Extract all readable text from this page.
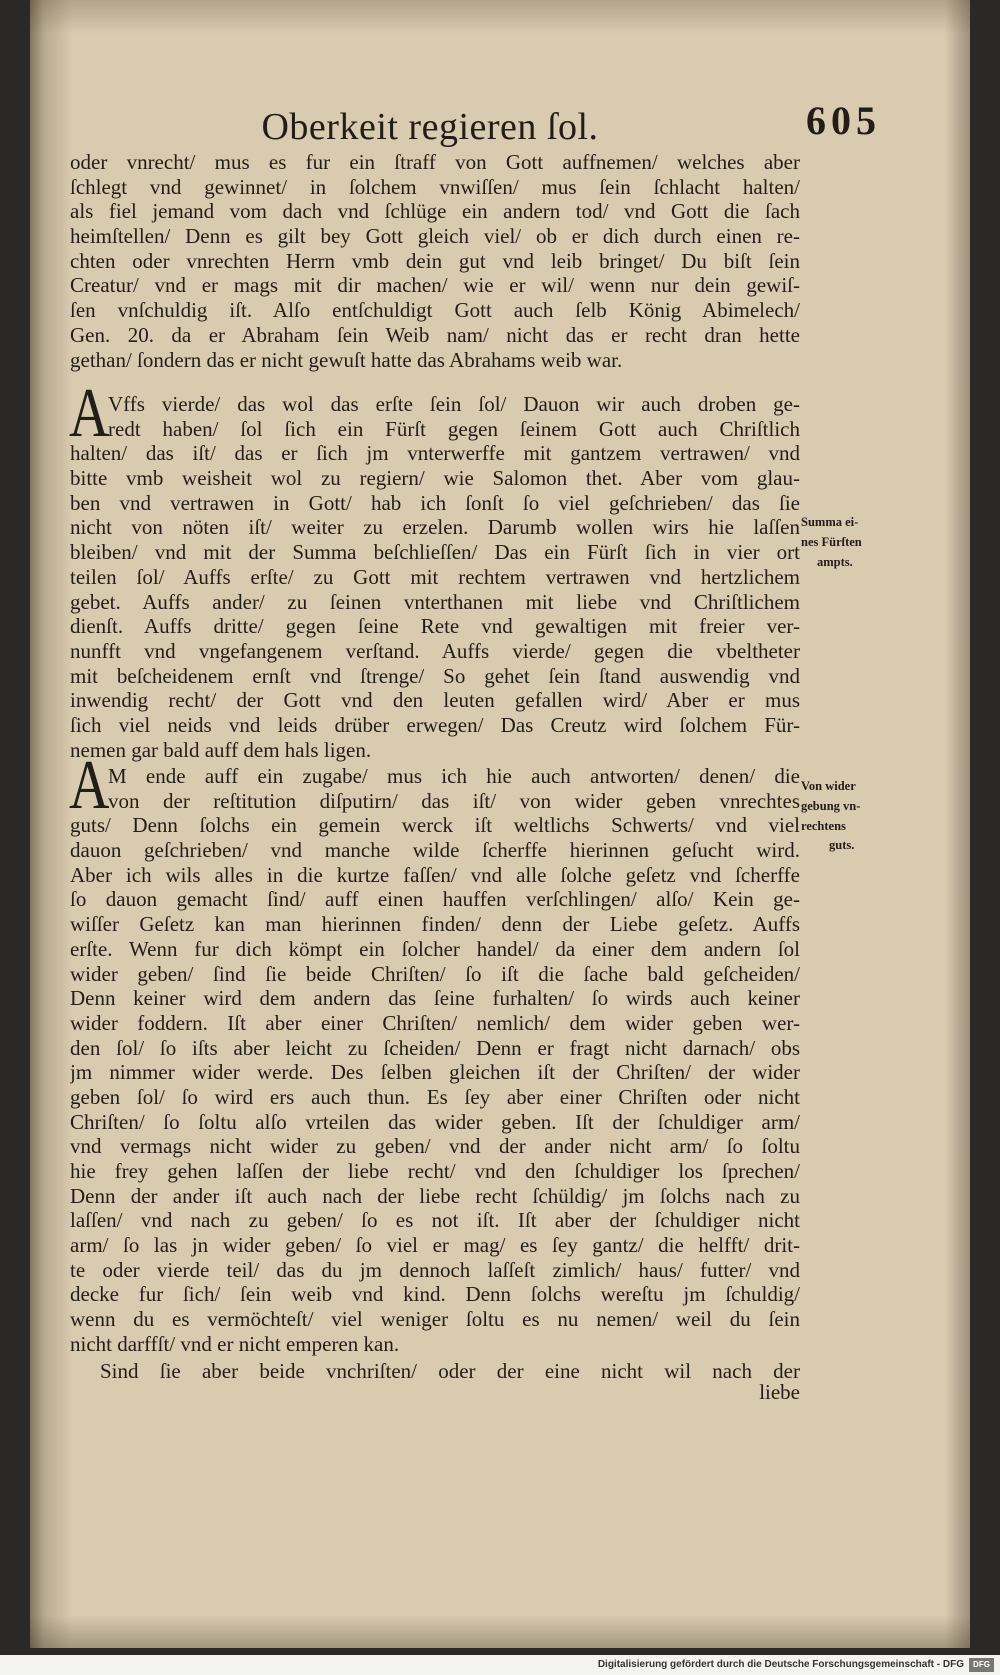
Oberkeit regieren ſol.	605
oder vnrecht/ mus es fur ein ſtraff von Gott auffnemen/ welches aber
ſchlegt vnd gewinnet/ in ſolchem vnwiſſen/ mus ſein ſchlacht halten/
als fiel jemand vom dach vnd ſchlüge ein andern tod/ vnd Gott die ſach
heimſtellen/ Denn es gilt bey Gott gleich viel/ ob er dich durch einen re-
chten oder vnrechten Herrn vmb dein gut vnd leib bringet/ Du biſt ſein
Creatur/ vnd er mags mit dir machen/ wie er wil/ wenn nur dein gewiſ-
ſen vnſchuldig iſt. Alſo entſchuldigt Gott auch ſelb König Abimelech/
Gen. 20. da er Abraham ſein Weib nam/ nicht das er recht dran hette
gethan/ ſondern das er nicht gewuſt hatte das Abrahams weib war.
A
Vffs vierde/ das wol das erſte ſein ſol/ Dauon wir auch droben ge-
redt haben/ ſol ſich ein Fürſt gegen ſeinem Gott auch Chriſtlich
halten/ das iſt/ das er ſich jm vnterwerffe mit gantzem vertrawen/ vnd
bitte vmb weisheit wol zu regiern/ wie Salomon thet. Aber vom glau-
ben vnd vertrawen in Gott/ hab ich ſonſt ſo viel geſchrieben/ das ſie
nicht von nöten iſt/ weiter zu erzelen. Darumb wollen wirs hie laſſen
bleiben/ vnd mit der Summa beſchlieſſen/ Das ein Fürſt ſich in vier ort
teilen ſol/ Auffs erſte/ zu Gott mit rechtem vertrawen vnd hertzlichem
gebet. Auffs ander/ zu ſeinen vnterthanen mit liebe vnd Chriſtlichem
dienſt. Auffs dritte/ gegen ſeine Rete vnd gewaltigen mit freier ver-
nunfft vnd vngefangenem verſtand. Auffs vierde/ gegen die vbeltheter
mit beſcheidenem ernſt vnd ſtrenge/ So gehet ſein ſtand auswendig vnd
inwendig recht/ der Gott vnd den leuten gefallen wird/ Aber er mus
ſich viel neids vnd leids drüber erwegen/ Das Creutz wird ſolchem Für-
nemen gar bald auff dem hals ligen.
A
M ende auff ein zugabe/ mus ich hie auch antworten/ denen/ die
von der reſtitution diſputirn/ das iſt/ von wider geben vnrechtes
guts/ Denn ſolchs ein gemein werck iſt weltlichs Schwerts/ vnd viel
dauon geſchrieben/ vnd manche wilde ſcherffe hierinnen geſucht wird.
Aber ich wils alles in die kurtze faſſen/ vnd alle ſolche geſetz vnd ſcherffe
ſo dauon gemacht ſind/ auff einen hauffen verſchlingen/ alſo/ Kein ge-
wiſſer Geſetz kan man hierinnen finden/ denn der Liebe geſetz. Auffs
erſte. Wenn fur dich kömpt ein ſolcher handel/ da einer dem andern ſol
wider geben/ ſind ſie beide Chriſten/ ſo iſt die ſache bald geſcheiden/
Denn keiner wird dem andern das ſeine furhalten/ ſo wirds auch keiner
wider foddern. Iſt aber einer Chriſten/ nemlich/ dem wider geben wer-
den ſol/ ſo iſts aber leicht zu ſcheiden/ Denn er fragt nicht darnach/ obs
jm nimmer wider werde. Des ſelben gleichen iſt der Chriſten/ der wider
geben ſol/ ſo wird ers auch thun. Es ſey aber einer Chriſten oder nicht
Chriſten/ ſo ſoltu alſo vrteilen das wider geben. Iſt der ſchuldiger arm/
vnd vermags nicht wider zu geben/ vnd der ander nicht arm/ ſo ſoltu
hie frey gehen laſſen der liebe recht/ vnd den ſchuldiger los ſprechen/
Denn der ander iſt auch nach der liebe recht ſchüldig/ jm ſolchs nach zu
laſſen/ vnd nach zu geben/ ſo es not iſt. Iſt aber der ſchuldiger nicht
arm/ ſo las jn wider geben/ ſo viel er mag/ es ſey gantz/ die helfft/ drit-
te oder vierde teil/ das du jm dennoch laſſeſt zimlich/ haus/ futter/ vnd
decke fur ſich/ ſein weib vnd kind. Denn ſolchs wereſtu jm ſchuldig/
wenn du es vermöchteſt/ viel weniger ſoltu es nu nemen/ weil du ſein
nicht darffſt/ vnd er nicht emperen kan.
Sind ſie aber beide vnchriſten/ oder der eine nicht wil nach der
liebe
Summa ei-
nes Fürſten
ampts.
Von wider
gebung vn-
rechtens
guts.
Digitalisierung gefördert durch die Deutsche Forschungsgemeinschaft - DFG	DFG
